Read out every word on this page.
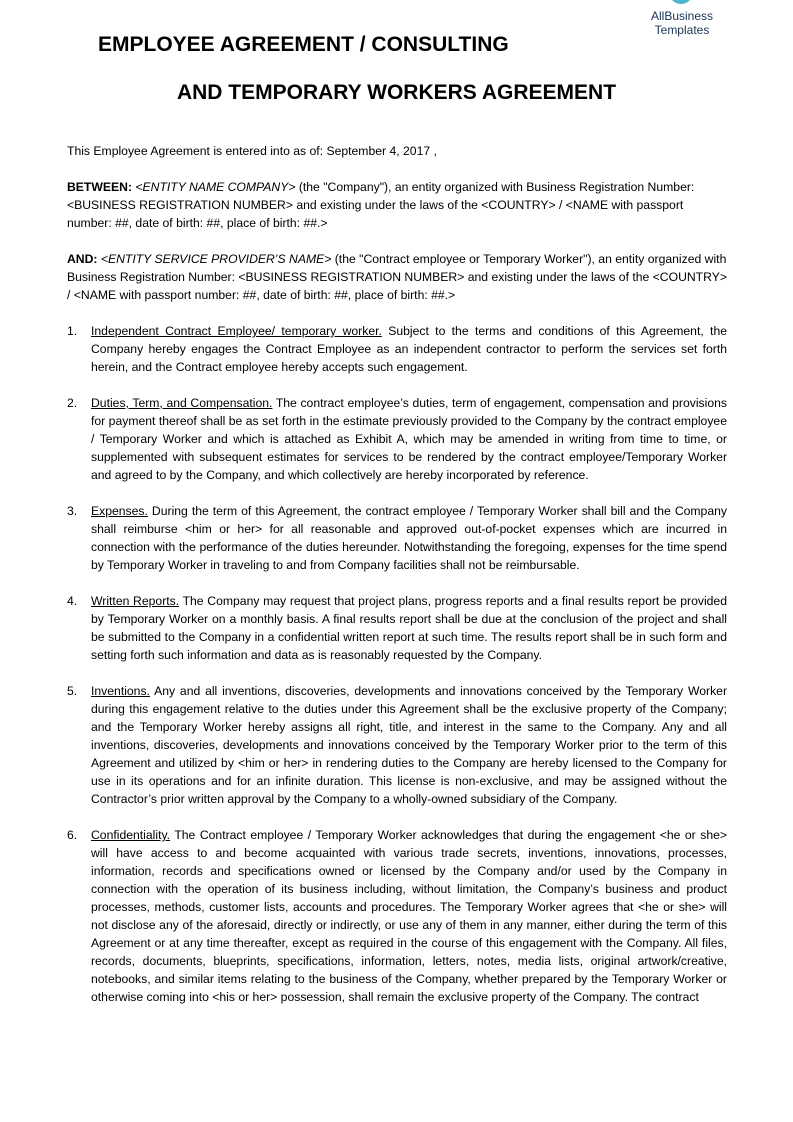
AllBusiness
Templates
EMPLOYEE AGREEMENT / CONSULTING
AND TEMPORARY WORKERS AGREEMENT

This Employee Agreement is entered into as of: September 4, 2017 ,

BETWEEN: <ENTITY NAME COMPANY> (the "Company"), an entity organized with Business Registration Number: <BUSINESS REGISTRATION NUMBER> and existing under the laws of the <COUNTRY> / <NAME with passport number: ##, date of birth: ##, place of birth: ##.>

AND: <ENTITY SERVICE PROVIDER’S NAME> (the "Contract employee or Temporary Worker"), an entity organized with Business Registration Number: <BUSINESS REGISTRATION NUMBER> and existing under the laws of the <COUNTRY> / <NAME with passport number: ##, date of birth: ##, place of birth: ##.>

1. Independent Contract Employee/ temporary worker. Subject to the terms and conditions of this Agreement, the Company hereby engages the Contract Employee as an independent contractor to perform the services set forth herein, and the Contract employee hereby accepts such engagement.
2. Duties, Term, and Compensation. The contract employee’s duties, term of engagement, compensation and provisions for payment thereof shall be as set forth in the estimate previously provided to the Company by the contract employee / Temporary Worker and which is attached as Exhibit A, which may be amended in writing from time to time, or supplemented with subsequent estimates for services to be rendered by the contract employee/Temporary Worker and agreed to by the Company, and which collectively are hereby incorporated by reference.
3. Expenses. During the term of this Agreement, the contract employee / Temporary Worker shall bill and the Company shall reimburse <him or her> for all reasonable and approved out-of-pocket expenses which are incurred in connection with the performance of the duties hereunder. Notwithstanding the foregoing, expenses for the time spend by Temporary Worker in traveling to and from Company facilities shall not be reimbursable.
4. Written Reports. The Company may request that project plans, progress reports and a final results report be provided by Temporary Worker on a monthly basis. A final results report shall be due at the conclusion of the project and shall be submitted to the Company in a confidential written report at such time. The results report shall be in such form and setting forth such information and data as is reasonably requested by the Company.
5. Inventions. Any and all inventions, discoveries, developments and innovations conceived by the Temporary Worker during this engagement relative to the duties under this Agreement shall be the exclusive property of the Company; and the Temporary Worker hereby assigns all right, title, and interest in the same to the Company. Any and all inventions, discoveries, developments and innovations conceived by the Temporary Worker prior to the term of this Agreement and utilized by <him or her> in rendering duties to the Company are hereby licensed to the Company for use in its operations and for an infinite duration. This license is non-exclusive, and may be assigned without the Contractor’s prior written approval by the Company to a wholly-owned subsidiary of the Company.
6. Confidentiality. The Contract employee / Temporary Worker acknowledges that during the engagement <he or she> will have access to and become acquainted with various trade secrets, inventions, innovations, processes, information, records and specifications owned or licensed by the Company and/or used by the Company in connection with the operation of its business including, without limitation, the Company’s business and product processes, methods, customer lists, accounts and procedures. The Temporary Worker agrees that <he or she> will not disclose any of the aforesaid, directly or indirectly, or use any of them in any manner, either during the term of this Agreement or at any time thereafter, except as required in the course of this engagement with the Company. All files, records, documents, blueprints, specifications, information, letters, notes, media lists, original artwork/creative, notebooks, and similar items relating to the business of the Company, whether prepared by the Temporary Worker or otherwise coming into <his or her> possession, shall remain the exclusive property of the Company. The contract
